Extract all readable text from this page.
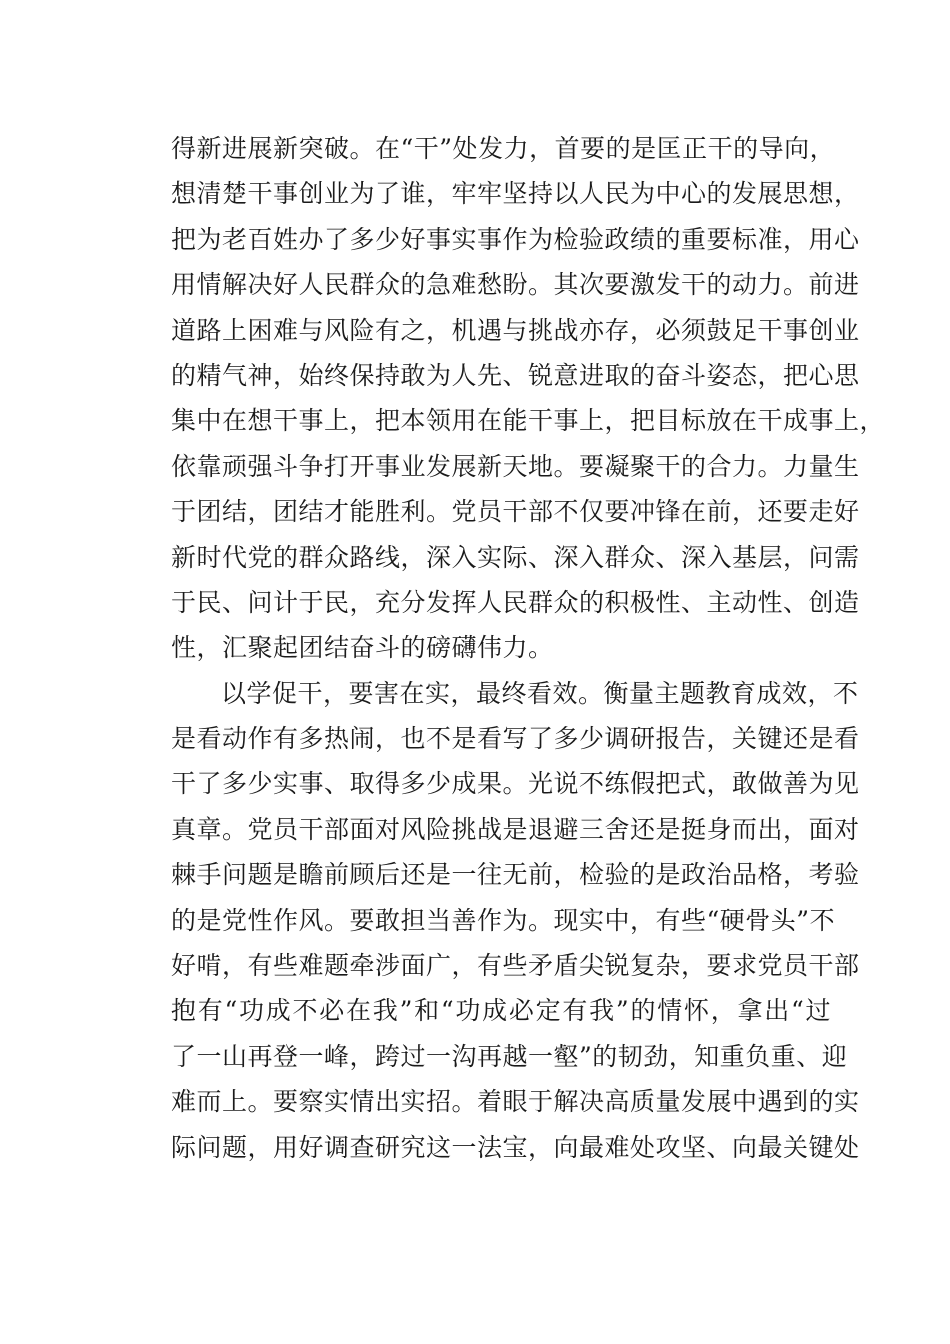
得新进展新突破。在“干”处发力，首要的是匡正干的导向，
想清楚干事创业为了谁，牢牢坚持以人民为中心的发展思想，
把为老百姓办了多少好事实事作为检验政绩的重要标准，用心
用情解决好人民群众的急难愁盼。其次要激发干的动力。前进
道路上困难与风险有之，机遇与挑战亦存，必须鼓足干事创业
的精气神，始终保持敢为人先、锐意进取的奋斗姿态，把心思
集中在想干事上，把本领用在能干事上，把目标放在干成事上，
依靠顽强斗争打开事业发展新天地。要凝聚干的合力。力量生
于团结，团结才能胜利。党员干部不仅要冲锋在前，还要走好
新时代党的群众路线，深入实际、深入群众、深入基层，问需
于民、问计于民，充分发挥人民群众的积极性、主动性、创造
性，汇聚起团结奋斗的磅礴伟力。
以学促干，要害在实，最终看效。衡量主题教育成效，不
是看动作有多热闹，也不是看写了多少调研报告，关键还是看
干了多少实事、取得多少成果。光说不练假把式，敢做善为见
真章。党员干部面对风险挑战是退避三舍还是挺身而出，面对
棘手问题是瞻前顾后还是一往无前，检验的是政治品格，考验
的是党性作风。要敢担当善作为。现实中，有些“硬骨头”不
好啃，有些难题牵涉面广，有些矛盾尖锐复杂，要求党员干部
抱有“功成不必在我”和“功成必定有我”的情怀，拿出“过
了一山再登一峰，跨过一沟再越一壑”的韧劲，知重负重、迎
难而上。要察实情出实招。着眼于解决高质量发展中遇到的实
际问题，用好调查研究这一法宝，向最难处攻坚、向最关键处
